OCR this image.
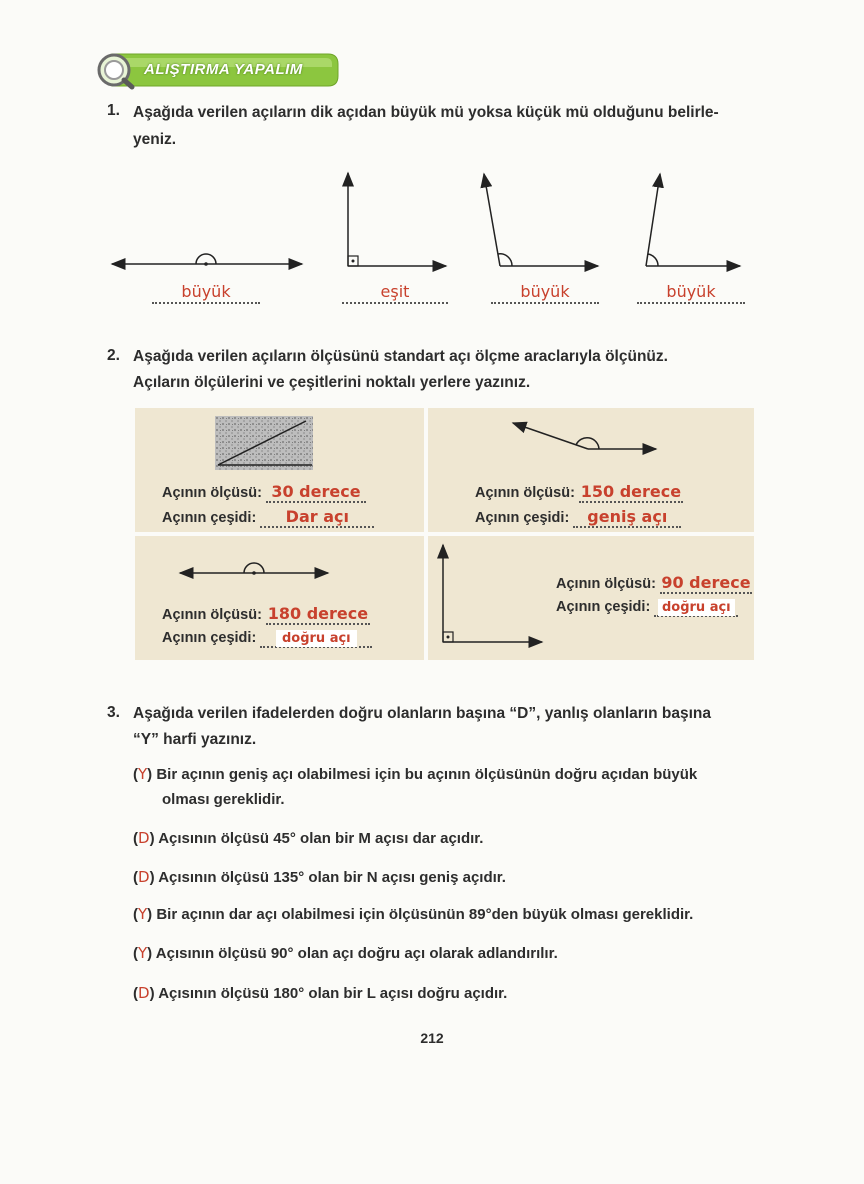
ALIŞTIRMA YAPALIM
1. Aşağıda verilen açıların dik açıdan büyük mü yoksa küçük mü olduğunu belirle-
yeniz.
büyük	eşit	büyük	büyük
2. Aşağıda verilen açıların ölçüsünü standart açı ölçme araclarıyla ölçünüz.
Açıların ölçülerini ve çeşitlerini noktalı yerlere yazınız.
Açının ölçüsü: 30 derece
Açının çeşidi: Dar açı
Açının ölçüsü: 150 derece
Açının çeşidi: geniş açı
Açının ölçüsü: 180 derece
Açının çeşidi: doğru açı
Açının ölçüsü: 90 derece
Açının çeşidi: doğru açı
3. Aşağıda verilen ifadelerden doğru olanların başına “D”, yanlış olanların başına
“Y” harfi yazınız.
(Y) Bir açının geniş açı olabilmesi için bu açının ölçüsünün doğru açıdan büyük
olması gereklidir.
(D) Açısının ölçüsü 45° olan bir M açısı dar açıdır.
(D) Açısının ölçüsü 135° olan bir N açısı geniş açıdır.
(Y) Bir açının dar açı olabilmesi için ölçüsünün 89°den büyük olması gereklidir.
(Y) Açısının ölçüsü 90° olan açı doğru açı olarak adlandırılır.
(D) Açısının ölçüsü 180° olan bir L açısı doğru açıdır.
212
